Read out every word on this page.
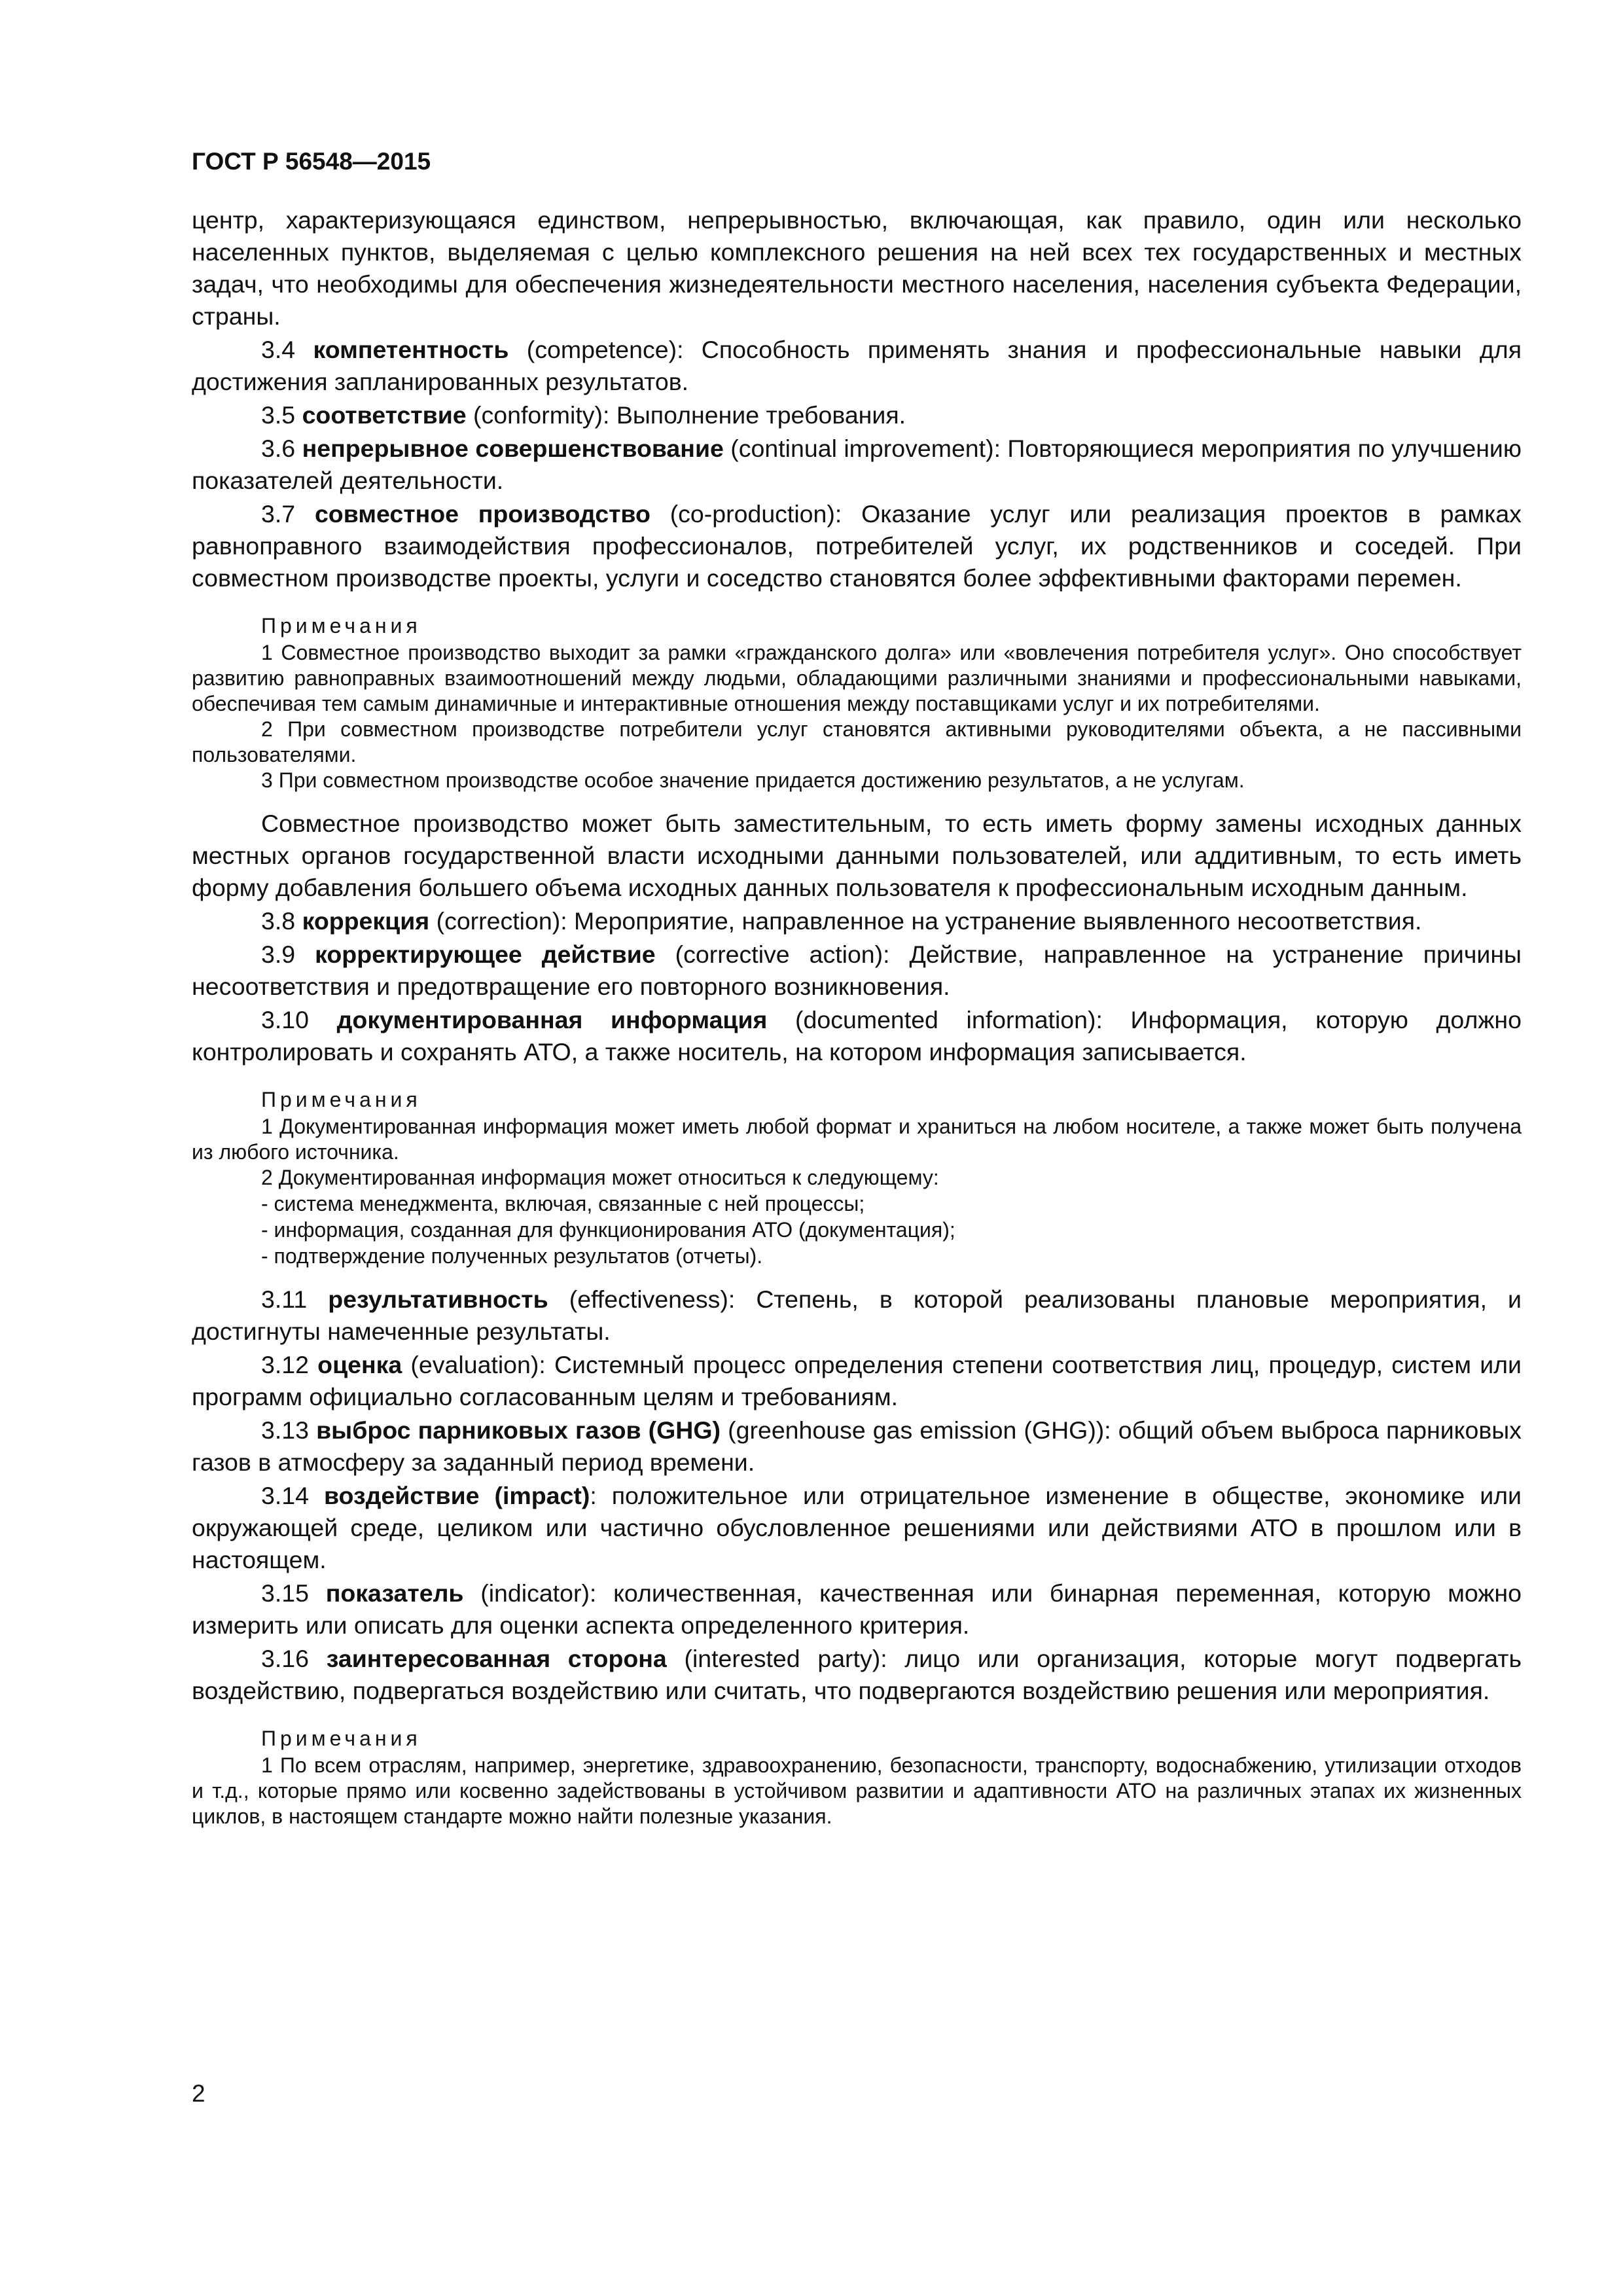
ГОСТ Р 56548—2015

центр, характеризующаяся единством, непрерывностью, включающая, как правило, один или несколько населенных пунктов, выделяемая с целью комплексного решения на ней всех тех государственных и местных задач, что необходимы для обеспечения жизнедеятельности местного населения, населения субъекта Федерации, страны.

3.4 компетентность (competence): Способность применять знания и профессиональные навыки для достижения запланированных результатов.

3.5 соответствие (conformity): Выполнение требования.

3.6 непрерывное совершенствование (continual improvement): Повторяющиеся мероприятия по улучшению показателей деятельности.

3.7 совместное производство (co-production): Оказание услуг или реализация проектов в рамках равноправного взаимодействия профессионалов, потребителей услуг, их родственников и соседей. При совместном производстве проекты, услуги и соседство становятся более эффективными факторами перемен.

Примечания

1 Совместное производство выходит за рамки «гражданского долга» или «вовлечения потребителя услуг». Оно способствует развитию равноправных взаимоотношений между людьми, обладающими различными знаниями и профессиональными навыками, обеспечивая тем самым динамичные и интерактивные отношения между поставщиками услуг и их потребителями.

2 При совместном производстве потребители услуг становятся активными руководителями объекта, а не пассивными пользователями.

3 При совместном производстве особое значение придается достижению результатов, а не услугам.

Совместное производство может быть заместительным, то есть иметь форму замены исходных данных местных органов государственной власти исходными данными пользователей, или аддитивным, то есть иметь форму добавления большего объема исходных данных пользователя к профессиональным исходным данным.

3.8 коррекция (correction): Мероприятие, направленное на устранение выявленного несоответствия.

3.9 корректирующее действие (corrective action): Действие, направленное на устранение причины несоответствия и предотвращение его повторного возникновения.

3.10 документированная информация (documented information): Информация, которую должно контролировать и сохранять АТО, а также носитель, на котором информация записывается.

Примечания

1 Документированная информация может иметь любой формат и храниться на любом носителе, а также может быть получена из любого источника.

2 Документированная информация может относиться к следующему:

- система менеджмента, включая, связанные с ней процессы;

- информация, созданная для функционирования АТО (документация);

- подтверждение полученных результатов (отчеты).

3.11 результативность (effectiveness): Степень, в которой реализованы плановые мероприятия, и достигнуты намеченные результаты.

3.12 оценка (evaluation): Системный процесс определения степени соответствия лиц, процедур, систем или программ официально согласованным целям и требованиям.

3.13 выброс парниковых газов (GHG) (greenhouse gas emission (GHG)): общий объем выброса парниковых газов в атмосферу за заданный период времени.

3.14 воздействие (impact): положительное или отрицательное изменение в обществе, экономике или окружающей среде, целиком или частично обусловленное решениями или действиями АТО в прошлом или в настоящем.

3.15 показатель (indicator): количественная, качественная или бинарная переменная, которую можно измерить или описать для оценки аспекта определенного критерия.

3.16 заинтересованная сторона (interested party): лицо или организация, которые могут подвергать воздействию, подвергаться воздействию или считать, что подвергаются воздействию решения или мероприятия.

Примечания

1 По всем отраслям, например, энергетике, здравоохранению, безопасности, транспорту, водоснабжению, утилизации отходов и т.д., которые прямо или косвенно задействованы в устойчивом развитии и адаптивности АТО на различных этапах их жизненных циклов, в настоящем стандарте можно найти полезные указания.

2
